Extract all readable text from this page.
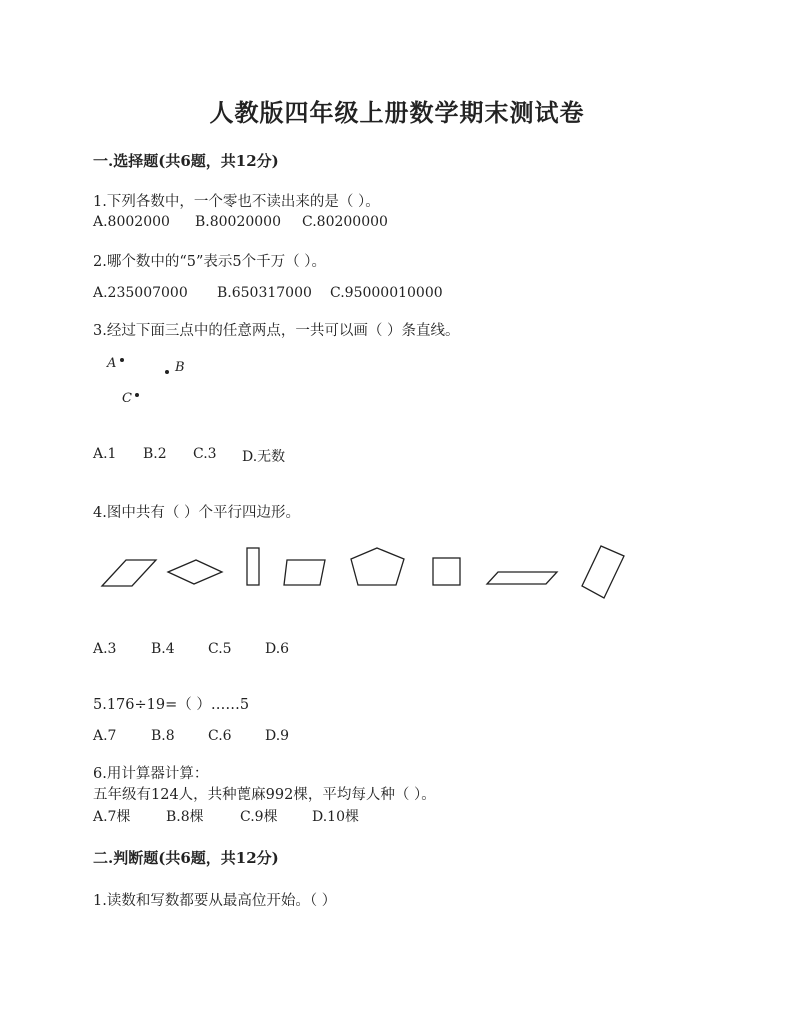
人教版四年级上册数学期末测试卷
一.选择题(共6题，共12分)
1.下列各数中，一个零也不读出来的是（ ）。
A.8002000 B.80020000 C.80200000
2.哪个数中的“5”表示5个千万（ ）。
A.235007000 B.650317000 C.95000010000
3.经过下面三点中的任意两点，一共可以画（ ）条直线。
A	B
C
A.1 B.2 C.3 D.无数
4.图中共有（ ）个平行四边形。
A.3 B.4 C.5 D.6
5.176÷19=（ ）……5
A.7 B.8 C.6 D.9
6.用计算器计算：
五年级有124人，共种蓖麻992棵，平均每人种（ ）。
A.7棵	B.8棵	C.9棵 D.10棵
二.判断题(共6题，共12分)
1.读数和写数都要从最高位开始。（ ）
